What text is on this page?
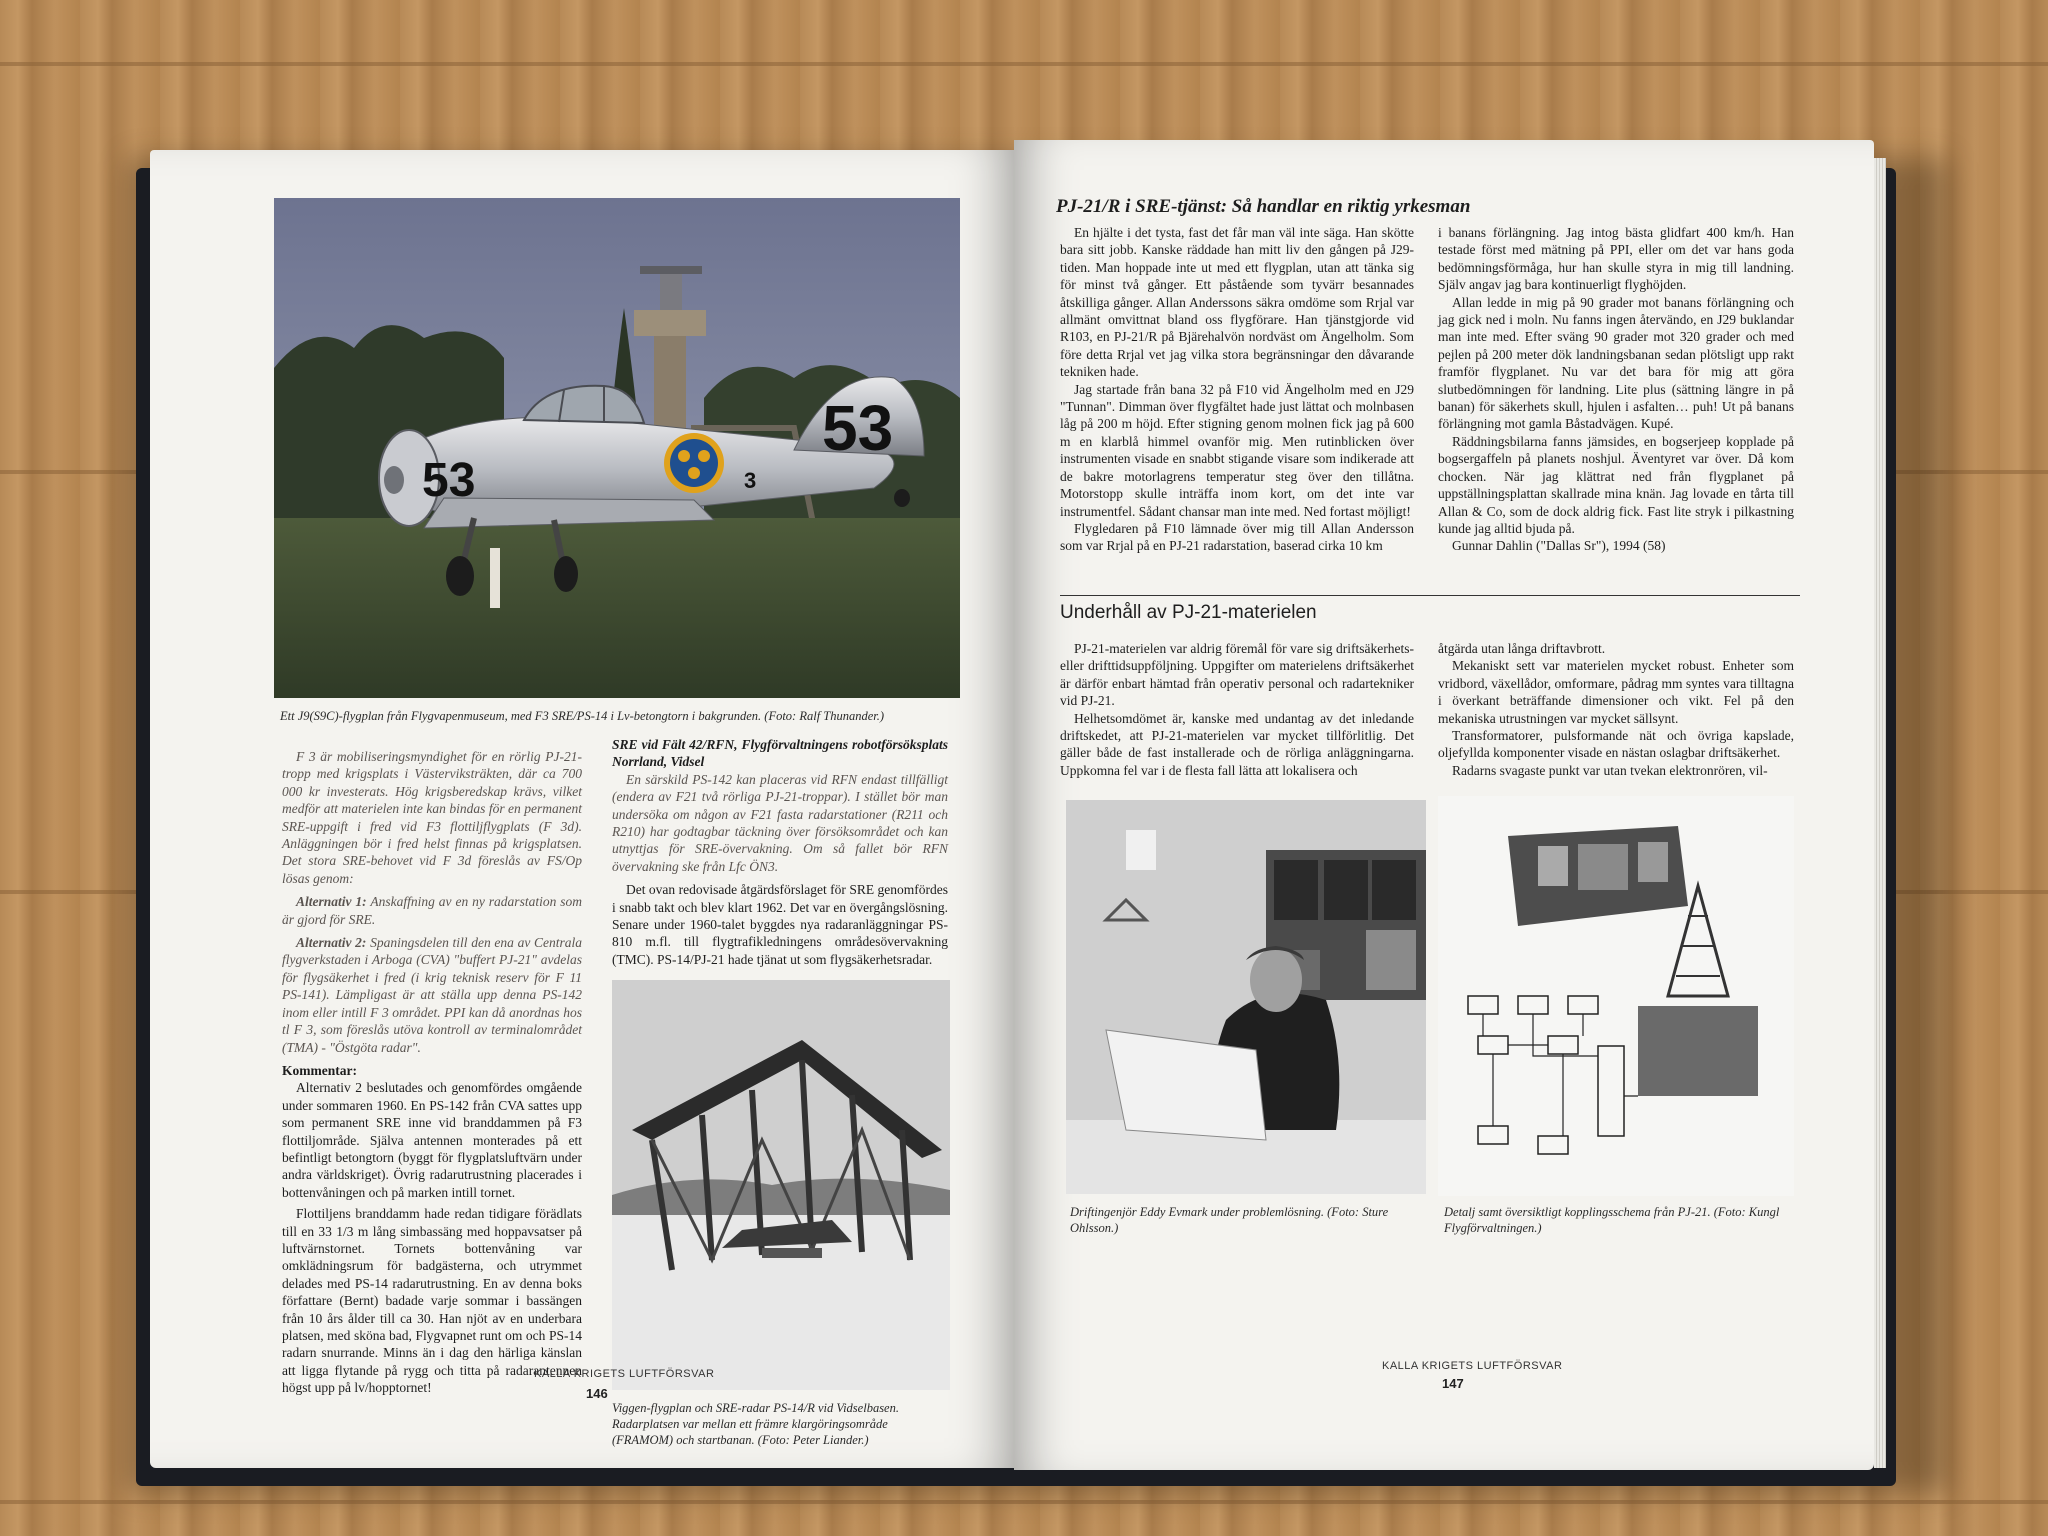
53
53
3
Ett J9(S9C)-flygplan från Flygvapenmuseum, med F3 SRE/PS-14 i Lv-betongtorn i bakgrunden. (Foto: Ralf Thunander.)

F 3 är mobiliseringsmyndighet för en rörlig PJ-21-tropp med krigsplats i Västerviksträkten, där ca 700 000 kr investerats. Hög krigsberedskap krävs, vilket medför att materielen inte kan bindas för en permanent SRE-uppgift i fred vid F3 flottiljflygplats (F 3d). Anläggningen bör i fred helst finnas på krigsplatsen. Det stora SRE-behovet vid F 3d föreslås av FS/Op lösas genom:

Alternativ 1: Anskaffning av en ny radarstation som är gjord för SRE.

Alternativ 2: Spaningsdelen till den ena av Centrala flygverkstaden i Arboga (CVA) "buffert PJ-21" avdelas för flygsäkerhet i fred (i krig teknisk reserv för F 11 PS-141). Lämpligast är att ställa upp denna PS-142 inom eller intill F 3 området. PPI kan då anordnas hos tl F 3, som föreslås utöva kontroll av terminalområdet (TMA) - "Östgöta radar".

Kommentar:

Alternativ 2 beslutades och genomfördes omgående under sommaren 1960. En PS-142 från CVA sattes upp som permanent SRE inne vid branddammen på F3 flottiljområde. Själva antennen monterades på ett befintligt betongtorn (byggt för flygplatsluftvärn under andra världskriget). Övrig radarutrustning placerades i bottenvåningen och på marken intill tornet.

Flottiljens branddamm hade redan tidigare förädlats till en 33 1/3 m lång simbassäng med hoppavsatser på luftvärnstornet. Tornets bottenvåning var omklädningsrum för badgästerna, och utrymmet delades med PS-14 radarutrustning. En av denna boks författare (Bernt) badade varje sommar i bassängen från 10 års ålder till ca 30. Han njöt av en underbara platsen, med sköna bad, Flygvapnet runt om och PS-14 radarn snurrande. Minns än i dag den härliga känslan att ligga flytande på rygg och titta på radarantennen högst upp på lv/hopptornet!

SRE vid Fält 42/RFN, Flygförvaltningens robotförsöksplats Norrland, Vidsel

En särskild PS-142 kan placeras vid RFN endast tillfälligt (endera av F21 två rörliga PJ-21-troppar). I stället bör man undersöka om någon av F21 fasta radarstationer (R211 och R210) har godtagbar täckning över försöksområdet och kan utnyttjas för SRE-övervakning. Om så fallet bör RFN övervakning ske från Lfc ÖN3.

Det ovan redovisade åtgärdsförslaget för SRE genomfördes i snabb takt och blev klart 1962. Det var en övergångslösning. Senare under 1960-talet byggdes nya radaranläggningar PS-810 m.fl. till flygtrafikledningens områdesövervakning (TMC). PS-14/PJ-21 hade tjänat ut som flygsäkerhetsradar.

Viggen-flygplan och SRE-radar PS-14/R vid Vidselbasen. Radarplatsen var mellan ett främre klargöringsområde (FRAMOM) och startbanan. (Foto: Peter Liander.)
KALLA KRIGETS LUFTFÖRSVAR
146
PJ-21/R i SRE-tjänst: Så handlar en riktig yrkesman

En hjälte i det tysta, fast det får man väl inte säga. Han skötte bara sitt jobb. Kanske räddade han mitt liv den gången på J29-tiden. Man hoppade inte ut med ett flygplan, utan att tänka sig för minst två gånger. Ett påstående som tyvärr besannades åtskilliga gånger. Allan Anderssons säkra omdöme som Rrjal var allmänt omvittnat bland oss flygförare. Han tjänstgjorde vid R103, en PJ-21/R på Bjärehalvön nordväst om Ängelholm. Som före detta Rrjal vet jag vilka stora begränsningar den dåvarande tekniken hade.

Jag startade från bana 32 på F10 vid Ängelholm med en J29 "Tunnan". Dimman över flygfältet hade just lättat och molnbasen låg på 200 m höjd. Efter stigning genom molnen fick jag på 600 m en klarblå himmel ovanför mig. Men rutinblicken över instrumenten visade en snabbt stigande visare som indikerade att de bakre motorlagrens temperatur steg över den tillåtna. Motorstopp skulle inträffa inom kort, om det inte var instrumentfel. Sådant chansar man inte med. Ned fortast möjligt!

Flygledaren på F10 lämnade över mig till Allan Andersson som var Rrjal på en PJ-21 radarstation, baserad cirka 10 km

i banans förlängning. Jag intog bästa glidfart 400 km/h. Han testade först med mätning på PPI, eller om det var hans goda bedömningsförmåga, hur han skulle styra in mig till landning. Själv angav jag bara kontinuerligt flyghöjden.

Allan ledde in mig på 90 grader mot banans förlängning och jag gick ned i moln. Nu fanns ingen återvändo, en J29 buklandar man inte med. Efter sväng 90 grader mot 320 grader och med pejlen på 200 meter dök landningsbanan sedan plötsligt upp rakt framför flygplanet. Nu var det bara för mig att göra slutbedömningen för landning. Lite plus (sättning längre in på banan) för säkerhets skull, hjulen i asfalten… puh! Ut på banans förlängning mot gamla Båstadvägen. Kupé.

Räddningsbilarna fanns jämsides, en bogserjeep kopplade på bogsergaffeln på planets noshjul. Äventyret var över. Då kom chocken. När jag klättrat ned från flygplanet på uppställningsplattan skallrade mina knän. Jag lovade en tårta till Allan & Co, som de dock aldrig fick. Fast lite stryk i pilkastning kunde jag alltid bjuda på.

Gunnar Dahlin ("Dallas Sr"), 1994 (58)

Underhåll av PJ-21-materielen

PJ-21-materielen var aldrig föremål för vare sig driftsäkerhets- eller drifttidsuppföljning. Uppgifter om materielens driftsäkerhet är därför enbart hämtad från operativ personal och radartekniker vid PJ-21.

Helhetsomdömet är, kanske med undantag av det inledande driftskedet, att PJ-21-materielen var mycket tillförlitlig. Det gäller både de fast installerade och de rörliga anläggningarna. Uppkomna fel var i de flesta fall lätta att lokalisera och

åtgärda utan långa driftavbrott.

Mekaniskt sett var materielen mycket robust. Enheter som vridbord, växellådor, omformare, pådrag mm syntes vara tilltagna i överkant beträffande dimensioner och vikt. Fel på den mekaniska utrustningen var mycket sällsynt.

Transformatorer, pulsformande nät och övriga kapslade, oljefyllda komponenter visade en nästan oslagbar driftsäkerhet.

Radarns svagaste punkt var utan tvekan elektronrören, vil-

Driftingenjör Eddy Evmark under problemlösning. (Foto: Sture Ohlsson.)
Detalj samt översiktligt kopplingsschema från PJ-21. (Foto: Kungl Flygförvaltningen.)
KALLA KRIGETS LUFTFÖRSVAR
147
